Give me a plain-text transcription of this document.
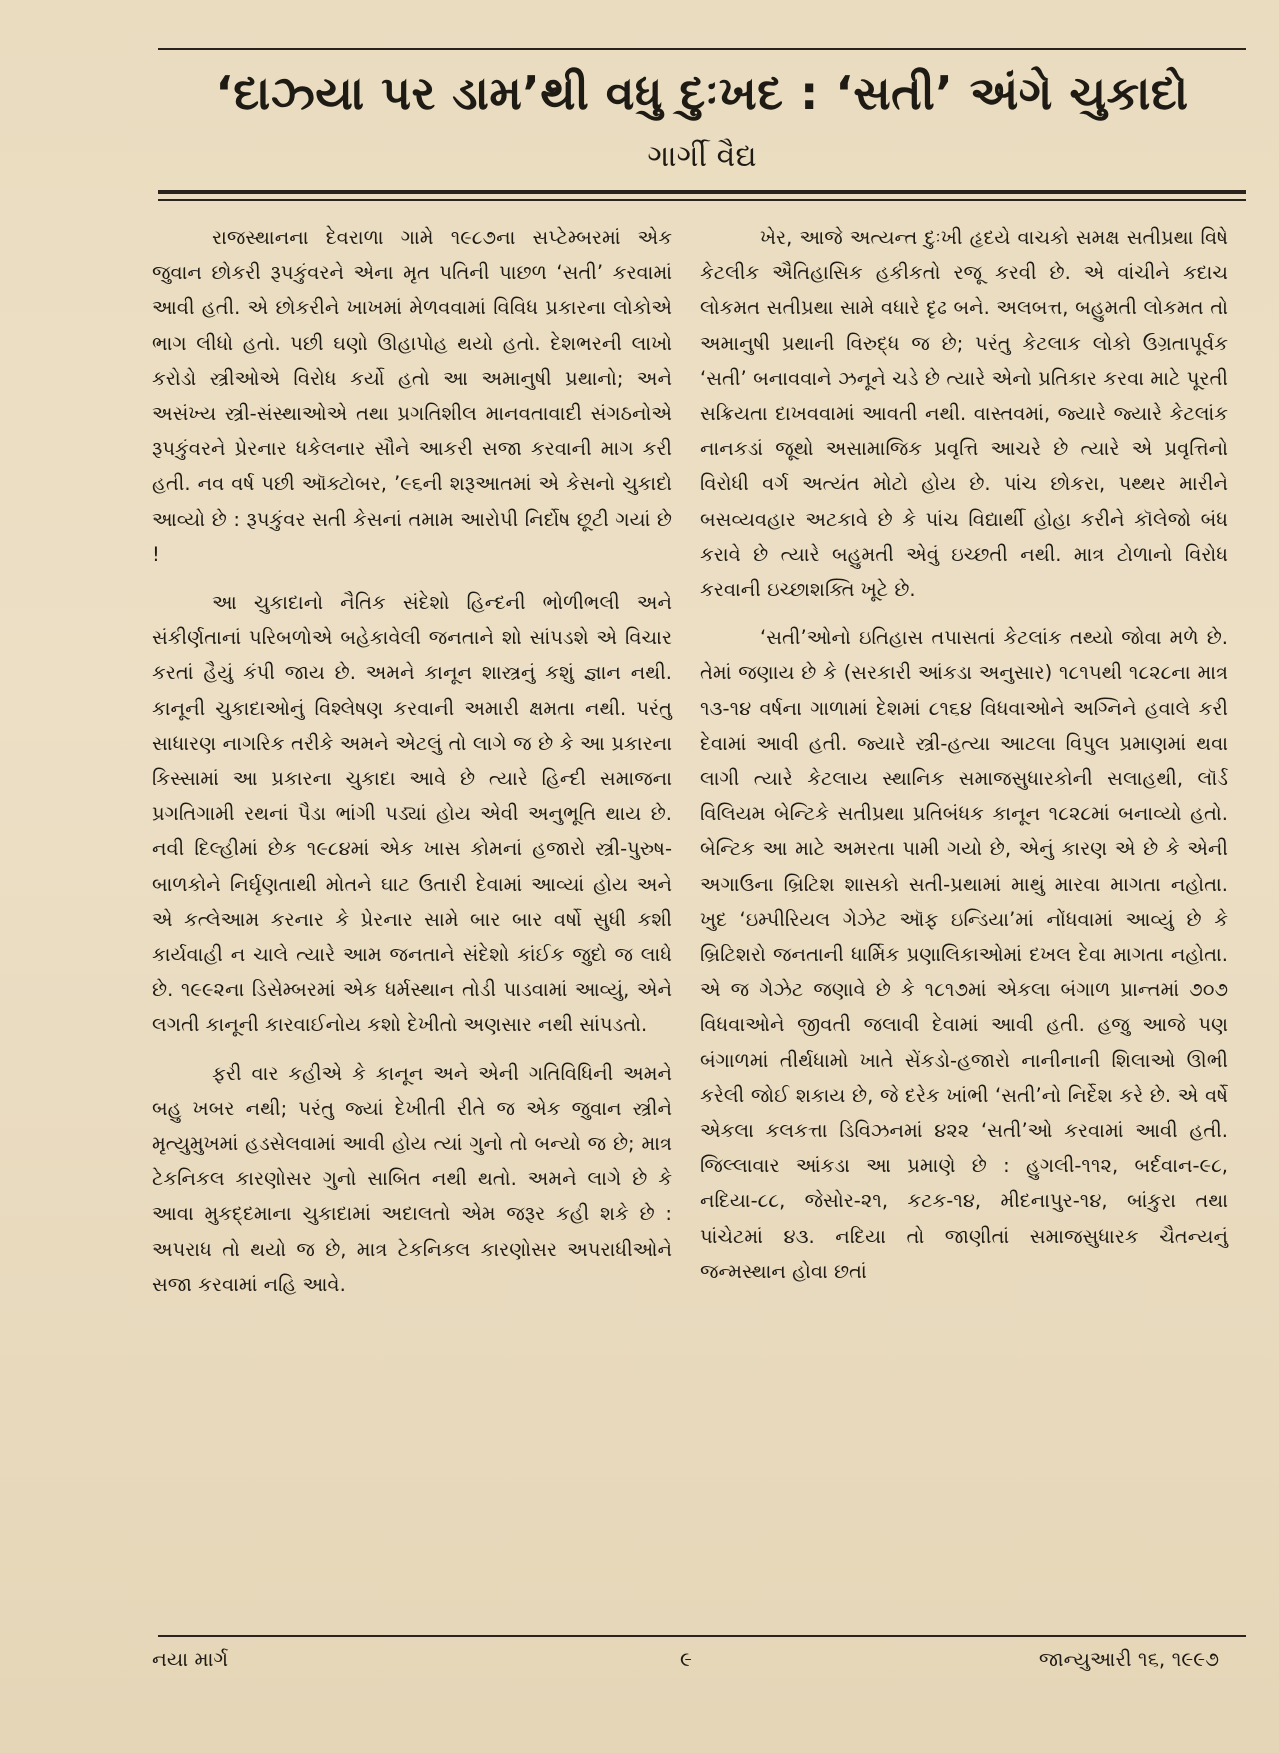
‘દાઝ્યા પર ડામ’થી વધુ દુઃખદ : ‘સતી’ અંગે ચુકાદો
ગાર્ગી વૈદ્ય

રાજસ્થાનના દેવરાળા ગામે ૧૯૮૭ના સપ્ટેમ્બરમાં એક જુવાન છોકરી રૂપકુંવરને એના મૃત પતિની પાછળ ‘સતી’ કરવામાં આવી હતી. એ છોકરીને ખાખમાં મેળવવામાં વિવિધ પ્રકારના લોકોએ ભાગ લીધો હતો. પછી ઘણો ઊહાપોહ થયો હતો. દેશભરની લાખો કરોડો સ્ત્રીઓએ વિરોધ કર્યો હતો આ અમાનુષી પ્રથાનો; અને અસંખ્ય સ્ત્રી-સંસ્થાઓએ તથા પ્રગતિશીલ માનવતાવાદી સંગઠનોએ રૂપકુંવરને પ્રેરનાર ધકેલનાર સૌને આકરી સજા કરવાની માગ કરી હતી. નવ વર્ષ પછી ઑક્ટોબર, ’૯૬ની શરૂઆતમાં એ કેસનો ચુકાદો આવ્યો છે : રૂપકુંવર સતી કેસનાં તમામ આરોપી નિર્દોષ છૂટી ગયાં છે !

આ ચુકાદાનો નૈતિક સંદેશો હિન્દની ભોળીભલી અને સંકીર્ણતાનાં પરિબળોએ બહેકાવેલી જનતાને શો સાંપડશે એ વિચાર કરતાં હૈયું કંપી જાય છે. અમને કાનૂન શાસ્ત્રનું કશું જ્ઞાન નથી. કાનૂની ચુકાદાઓનું વિશ્લેષણ કરવાની અમારી ક્ષમતા નથી. પરંતુ સાધારણ નાગરિક તરીકે અમને એટલું તો લાગે જ છે કે આ પ્રકારના કિસ્સામાં આ પ્રકારના ચુકાદા આવે છે ત્યારે હિન્દી સમાજના પ્રગતિગામી રથનાં પૈડા ભાંગી પડ્યાં હોય એવી અનુભૂતિ થાય છે. નવી દિલ્હીમાં છેક ૧૯૮૪માં એક ખાસ કોમનાં હજારો સ્ત્રી-પુરુષ-બાળકોને નિર્ઘૃણતાથી મોતને ઘાટ ઉતારી દેવામાં આવ્યાં હોય અને એ કત્લેઆમ કરનાર કે પ્રેરનાર સામે બાર બાર વર્ષો સુધી કશી કાર્યવાહી ન ચાલે ત્યારે આમ જનતાને સંદેશો કાંઈક જુદો જ લાધે છે. ૧૯૯૨ના ડિસેમ્બરમાં એક ધર્મસ્થાન તોડી પાડવામાં આવ્યું, એને લગતી કાનૂની કારવાઈનોય કશો દેખીતો અણસાર નથી સાંપડતો.

ફરી વાર કહીએ કે કાનૂન અને એની ગતિવિધિની અમને બહુ ખબર નથી; પરંતુ જ્યાં દેખીતી રીતે જ એક જુવાન સ્ત્રીને મૃત્યુમુખમાં હડસેલવામાં આવી હોય ત્યાં ગુનો તો બન્યો જ છે; માત્ર ટેકનિકલ કારણોસર ગુનો સાબિત નથી થતો. અમને લાગે છે કે આવા મુકદ્દમાના ચુકાદામાં અદાલતો એમ જરૂર કહી શકે છે : અપરાધ તો થયો જ છે, માત્ર ટેકનિકલ કારણોસર અપરાધીઓને સજા કરવામાં નહિ આવે.

ખેર, આજે અત્યન્ત દુઃખી હૃદયે વાચકો સમક્ષ સતીપ્રથા વિષે કેટલીક ઐતિહાસિક હકીકતો રજૂ કરવી છે. એ વાંચીને કદાચ લોકમત સતીપ્રથા સામે વધારે દૃઢ બને. અલબત્ત, બહુમતી લોકમત તો અમાનુષી પ્રથાની વિરુદ્ધ જ છે; પરંતુ કેટલાક લોકો ઉગ્રતાપૂર્વક ‘સતી’ બનાવવાને ઝનૂને ચડે છે ત્યારે એનો પ્રતિકાર કરવા માટે પૂરતી સક્રિયતા દાખવવામાં આવતી નથી. વાસ્તવમાં, જ્યારે જ્યારે કેટલાંક નાનકડાં જૂથો અસામાજિક પ્રવૃત્તિ આચરે છે ત્યારે એ પ્રવૃત્તિનો વિરોધી વર્ગ અત્યંત મોટો હોય છે. પાંચ છોકરા, પથ્થર મારીને બસવ્યવહાર અટકાવે છે કે પાંચ વિદ્યાર્થી હોહા કરીને કૉલેજો બંધ કરાવે છે ત્યારે બહુમતી એવું ઇચ્છતી નથી. માત્ર ટોળાનો વિરોધ કરવાની ઇચ્છાશક્તિ ખૂટે છે.

‘સતી’ઓનો ઇતિહાસ તપાસતાં કેટલાંક તથ્યો જોવા મળે છે. તેમાં જણાય છે કે (સરકારી આંકડા અનુસાર) ૧૮૧૫થી ૧૮૨૮ના માત્ર ૧૩-૧૪ વર્ષના ગાળામાં દેશમાં ૮૧૬૪ વિધવાઓને અગ્નિને હવાલે કરી દેવામાં આવી હતી. જ્યારે સ્ત્રી-હત્યા આટલા વિપુલ પ્રમાણમાં થવા લાગી ત્યારે કેટલાય સ્થાનિક સમાજસુધારકોની સલાહથી, લૉર્ડ વિલિયમ બેન્ટિકે સતીપ્રથા પ્રતિબંધક કાનૂન ૧૮૨૮માં બનાવ્યો હતો. બેન્ટિક આ માટે અમરતા પામી ગયો છે, એનું કારણ એ છે કે એની અગાઉના બ્રિટિશ શાસકો સતી-પ્રથામાં માથું મારવા માગતા નહોતા. ખુદ ‘ઇમ્પીરિયલ ગેઝેટ ઑફ ઇન્ડિયા’માં નોંધવામાં આવ્યું છે કે બ્રિટિશરો જનતાની ધાર્મિક પ્રણાલિકાઓમાં દખલ દેવા માગતા નહોતા. એ જ ગેઝેટ જણાવે છે કે ૧૮૧૭માં એકલા બંગાળ પ્રાન્તમાં ૭૦૭ વિધવાઓને જીવતી જલાવી દેવામાં આવી હતી. હજુ આજે પણ બંગાળમાં તીર્થધામો ખાતે સેંકડો-હજારો નાનીનાની શિલાઓ ઊભી કરેલી જોઈ શકાય છે, જે દરેક ખાંભી ‘સતી’નો નિર્દેશ કરે છે. એ વર્ષે એકલા કલકત્તા ડિવિઝનમાં ૪૨૨ ‘સતી’ઓ કરવામાં આવી હતી. જિલ્લાવાર આંકડા આ પ્રમાણે છે : હુગલી-૧૧૨, બર્દવાન-૯૮, નદિયા-૮૮, જેસોર-૨૧, કટક-૧૪, મીદનાપુર-૧૪, બાંકુરા તથા પાંચેટમાં ૪૩. નદિયા તો જાણીતાં સમાજસુધારક ચૈતન્યનું જન્મસ્થાન હોવા છતાં

નયા માર્ગ	૯	જાન્યુઆરી ૧૬, ૧૯૯૭
